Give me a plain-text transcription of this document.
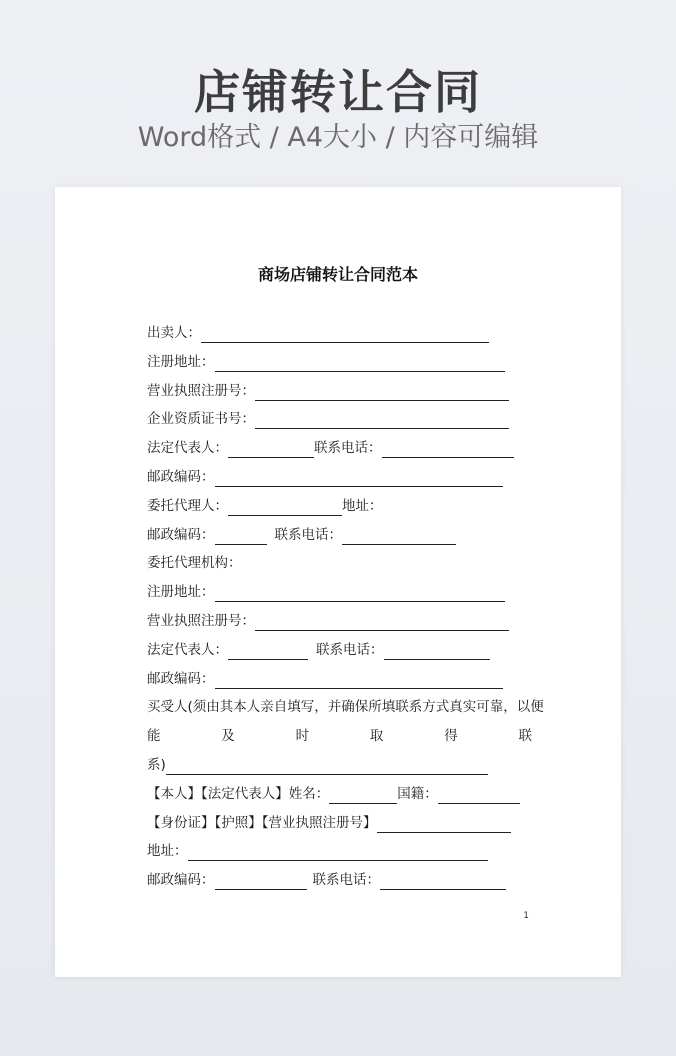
店铺转让合同
Word格式 / A4大小 / 内容可编辑
商场店铺转让合同范本
出卖人：
注册地址：
营业执照注册号：
企业资质证书号：
法定代表人：	联系电话：
邮政编码：
委托代理人：	地址：
邮政编码：	联系电话：
委托代理机构：
注册地址：
营业执照注册号：
法定代表人：	联系电话：
邮政编码：
买受人(须由其本人亲自填写，并确保所填联系方式真实可靠，以便
能	及	时	取	得	联
系)
【本人】【法定代表人】姓名：	国籍：
【身份证】【护照】【营业执照注册号】
地址：
邮政编码：	联系电话：
1
